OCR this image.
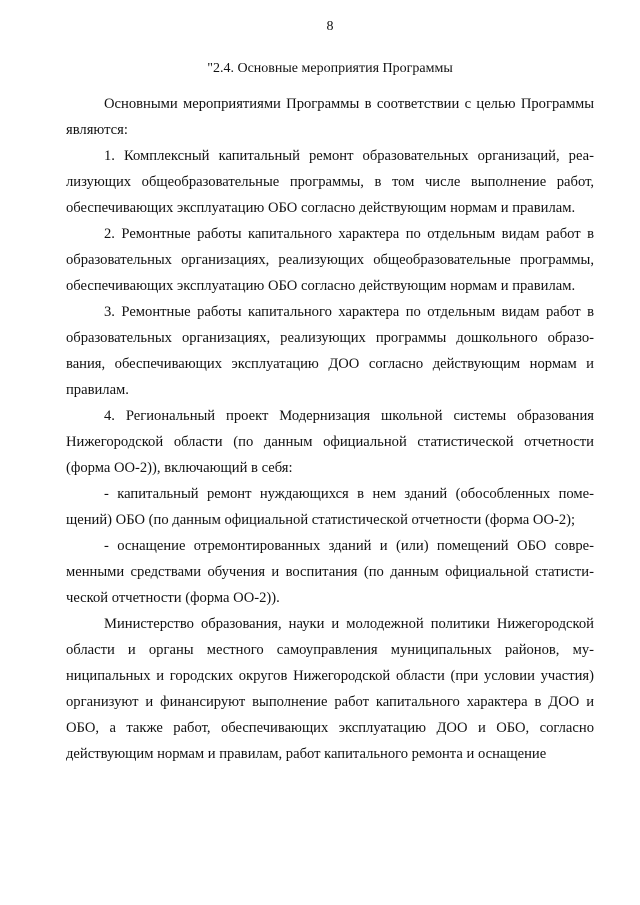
8
"2.4. Основные мероприятия Программы

Основными мероприятиями Программы в соответствии с целью Программы являются:

1. Комплексный капитальный ремонт образовательных организаций, реализующих общеобразовательные программы, в том числе выполнение работ, обеспечивающих эксплуатацию ОБО согласно действующим нормам и правилам.

2. Ремонтные работы капитального характера по отдельным видам работ в образовательных организациях, реализующих общеобразовательные программы, обеспечивающих эксплуатацию ОБО согласно действующим нормам и правилам.

3. Ремонтные работы капитального характера по отдельным видам работ в образовательных организациях, реализующих программы дошкольного образования, обеспечивающих эксплуатацию ДОО согласно действующим нормам и правилам.

4. Региональный проект Модернизация школьной системы образования Нижегородской области (по данным официальной статистической отчетности (форма ОО-2)), включающий в себя:

- капитальный ремонт нуждающихся в нем зданий (обособленных помещений) ОБО (по данным официальной статистической отчетности (форма ОО-2);

- оснащение отремонтированных зданий и (или) помещений ОБО современными средствами обучения и воспитания (по данным официальной статистической отчетности (форма ОО-2)).

Министерство образования, науки и молодежной политики Нижегородской области и органы местного самоуправления муниципальных районов, муниципальных и городских округов Нижегородской области (при условии участия) организуют и финансируют выполнение работ капитального характера в ДОО и ОБО, а также работ, обеспечивающих эксплуатацию ДОО и ОБО, согласно действующим нормам и правилам, работ капитального ремонта и оснащение
